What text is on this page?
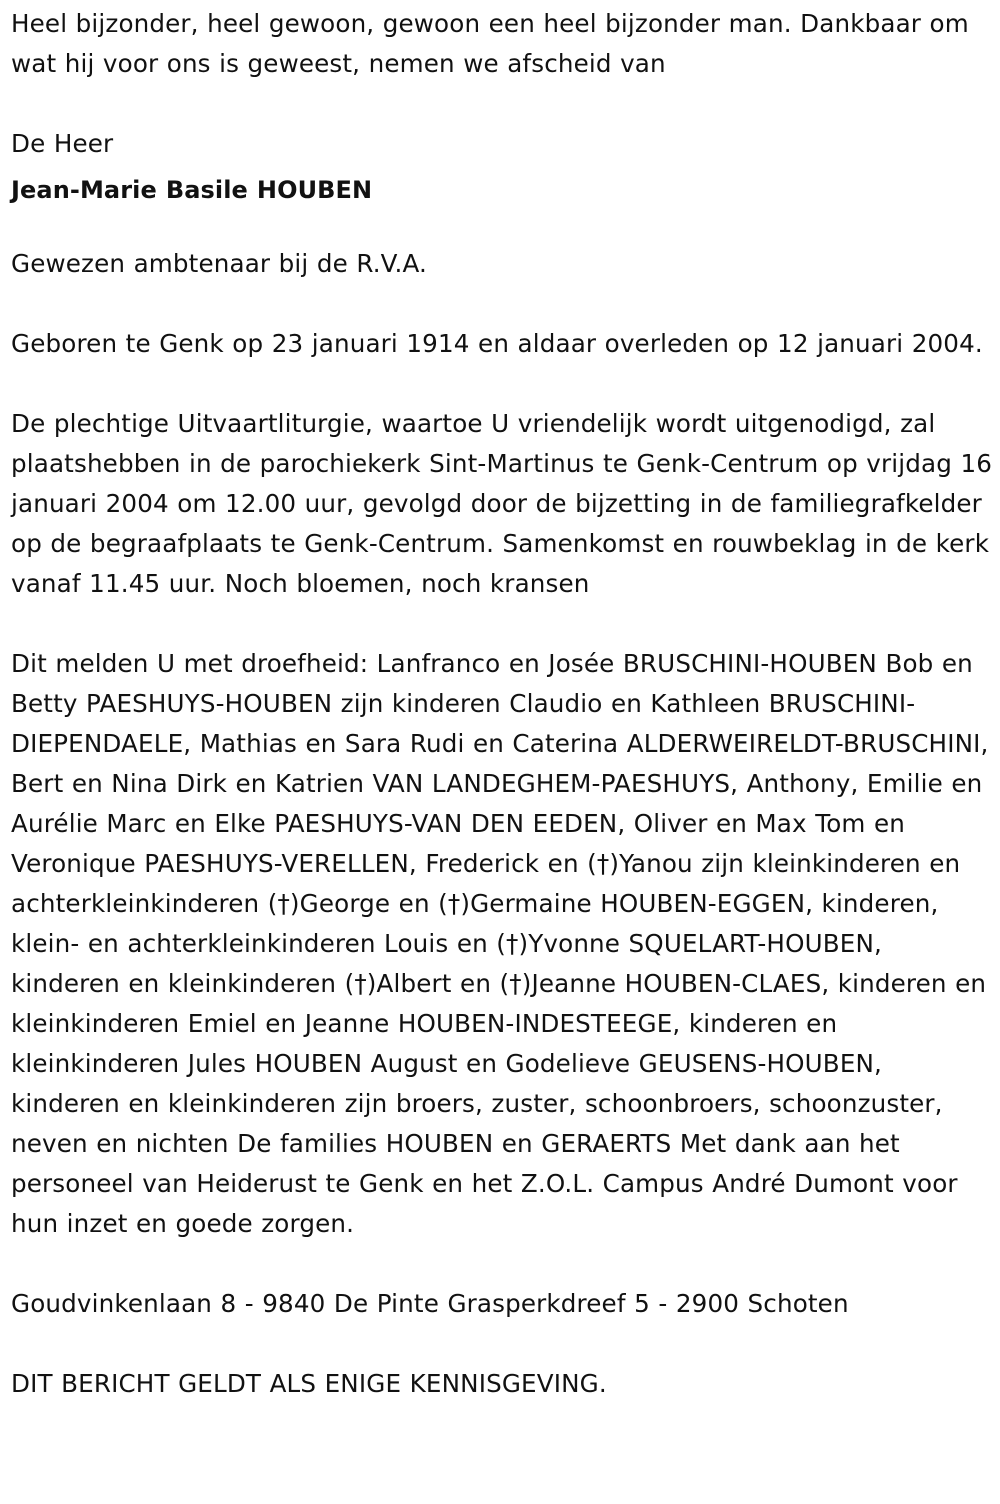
Heel bijzonder, heel gewoon, gewoon een heel bijzonder man. Dankbaar om wat hij voor ons is geweest, nemen we afscheid van

De Heer

Jean-Marie Basile HOUBEN

Gewezen ambtenaar bij de R.V.A.

Geboren te Genk op 23 januari 1914 en aldaar overleden op 12 januari 2004.

De plechtige Uitvaartliturgie, waartoe U vriendelijk wordt uitgenodigd, zal plaatshebben in de parochiekerk Sint-Martinus te Genk-Centrum op vrijdag 16 januari 2004 om 12.00 uur, gevolgd door de bijzetting in de familiegrafkelder op de begraafplaats te Genk-Centrum. Samenkomst en rouwbeklag in de kerk vanaf 11.45 uur. Noch bloemen, noch kransen

Dit melden U met droefheid: Lanfranco en Josée BRUSCHINI-HOUBEN Bob en Betty PAESHUYS-HOUBEN zijn kinderen Claudio en Kathleen BRUSCHINI-DIEPENDAELE, Mathias en Sara Rudi en Caterina ALDERWEIRELDT-BRUSCHINI, Bert en Nina Dirk en Katrien VAN LANDEGHEM-PAESHUYS, Anthony, Emilie en Aurélie Marc en Elke PAESHUYS-VAN DEN EEDEN, Oliver en Max Tom en Veronique PAESHUYS-VERELLEN, Frederick en (†)Yanou zijn kleinkinderen en achterkleinkinderen (†)George en (†)Germaine HOUBEN-EGGEN, kinderen, klein- en achterkleinkinderen Louis en (†)Yvonne SQUELART-HOUBEN, kinderen en kleinkinderen (†)Albert en (†)Jeanne HOUBEN-CLAES, kinderen en kleinkinderen Emiel en Jeanne HOUBEN-INDESTEEGE, kinderen en kleinkinderen Jules HOUBEN August en Godelieve GEUSENS-HOUBEN, kinderen en kleinkinderen zijn broers, zuster, schoonbroers, schoonzuster, neven en nichten De families HOUBEN en GERAERTS Met dank aan het personeel van Heiderust te Genk en het Z.O.L. Campus André Dumont voor hun inzet en goede zorgen.

Goudvinkenlaan 8 - 9840 De Pinte Grasperkdreef 5 - 2900 Schoten

DIT BERICHT GELDT ALS ENIGE KENNISGEVING.
